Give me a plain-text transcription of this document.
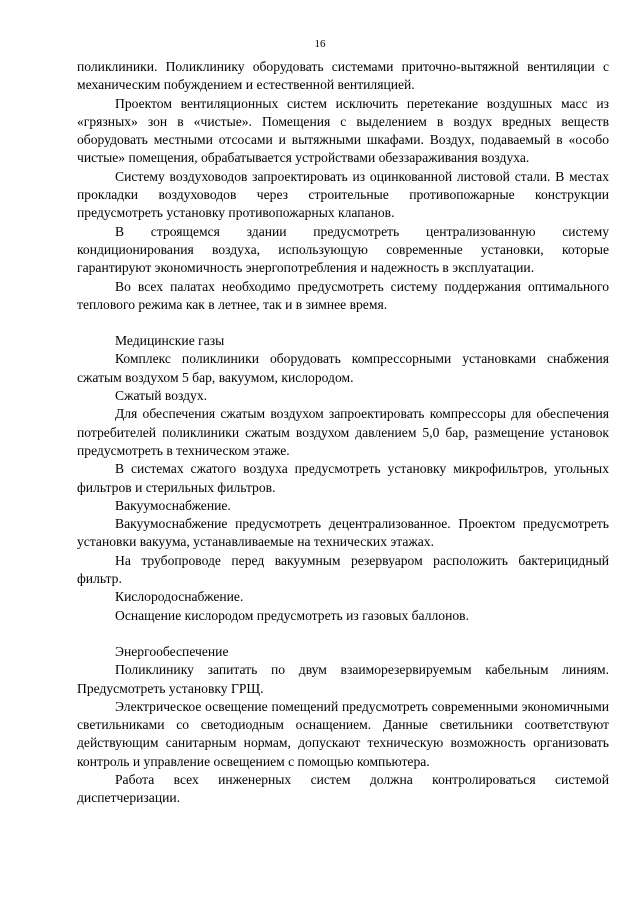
16

поликлиники. Поликлинику оборудовать системами приточно-вытяжной вентиляции с механическим побуждением и естественной вентиляцией.

Проектом вентиляционных систем исключить перетекание воздушных масс из «грязных» зон в «чистые». Помещения с выделением в воздух вредных веществ оборудовать местными отсосами и вытяжными шкафами. Воздух, подаваемый в «особо чистые» помещения, обрабатывается устройствами обеззараживания воздуха.

Систему воздуховодов запроектировать из оцинкованной листовой стали. В местах прокладки воздуховодов через строительные противопожарные конструкции предусмотреть установку противопожарных клапанов.

В строящемся здании предусмотреть централизованную систему кондиционирования воздуха, использующую современные установки, которые гарантируют экономичность энергопотребления и надежность в эксплуатации.

Во всех палатах необходимо предусмотреть систему поддержания оптимального теплового режима как в летнее, так и в зимнее время.

Медицинские газы

Комплекс поликлиники оборудовать компрессорными установками снабжения сжатым воздухом 5 бар, вакуумом, кислородом.

Сжатый воздух.

Для обеспечения сжатым воздухом запроектировать компрессоры для обеспечения потребителей поликлиники сжатым воздухом давлением 5,0 бар, размещение установок предусмотреть в техническом этаже.

В системах сжатого воздуха предусмотреть установку микрофильтров, угольных фильтров и стерильных фильтров.

Вакуумоснабжение.

Вакуумоснабжение предусмотреть децентрализованное. Проектом предусмотреть установки вакуума, устанавливаемые на технических этажах.

На трубопроводе перед вакуумным резервуаром расположить бактерицидный фильтр.

Кислородоснабжение.

Оснащение кислородом предусмотреть из газовых баллонов.

Энергообеспечение

Поликлинику запитать по двум взаиморезервируемым кабельным линиям. Предусмотреть установку ГРЩ.

Электрическое освещение помещений предусмотреть современными экономичными светильниками со светодиодным оснащением. Данные светильники соответствуют действующим санитарным нормам, допускают техническую возможность организовать контроль и управление освещением с помощью компьютера.

Работа всех инженерных систем должна контролироваться системой диспетчеризации.
